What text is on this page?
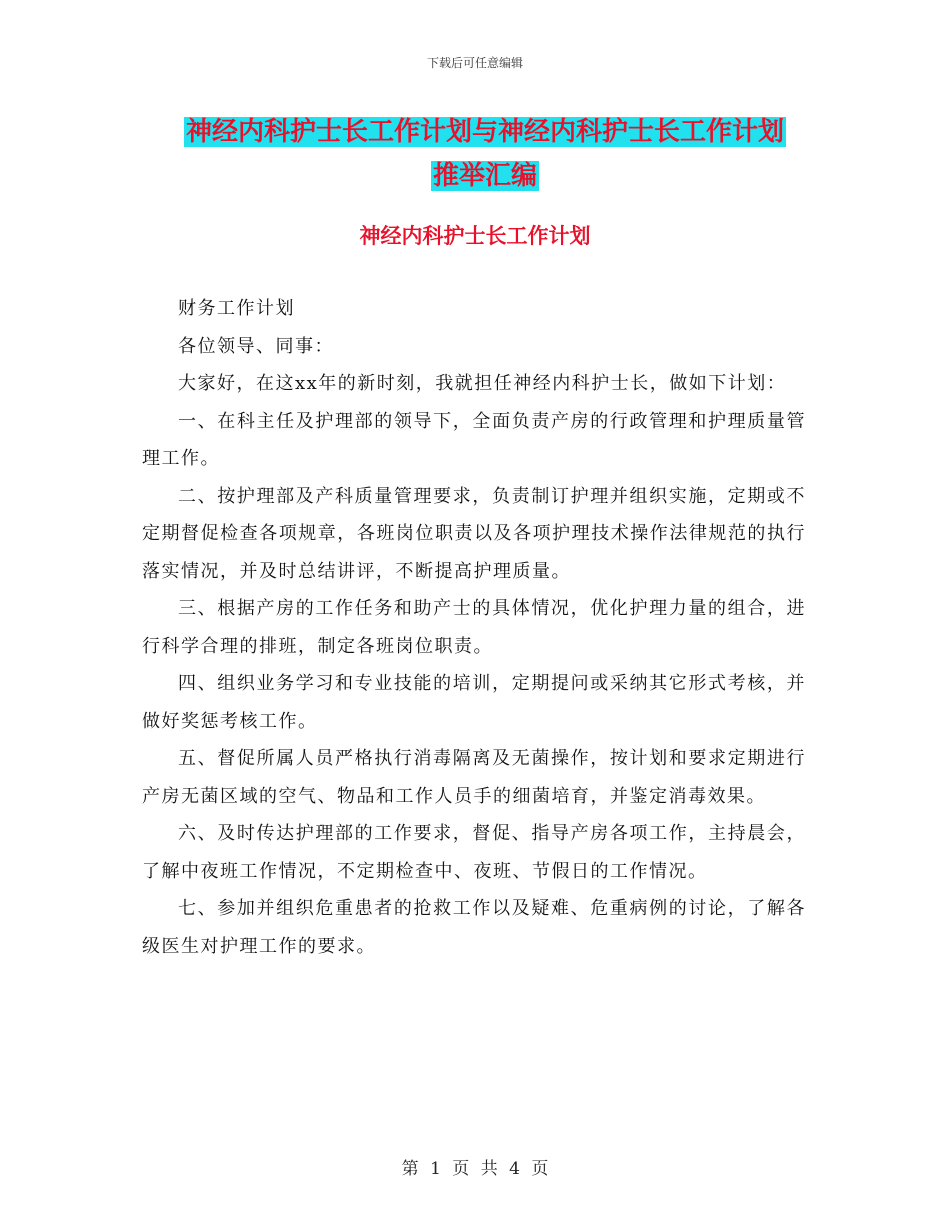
下载后可任意编辑
神经内科护士长工作计划与神经内科护士长工作计划
推举汇编
神经内科护士长工作计划

财务工作计划

各位领导、同事：

大家好，在这xx年的新时刻，我就担任神经内科护士长，做如下计划：

一、在科主任及护理部的领导下，全面负责产房的行政管理和护理质量管理工作。

二、按护理部及产科质量管理要求，负责制订护理并组织实施，定期或不定期督促检查各项规章，各班岗位职责以及各项护理技术操作法律规范的执行落实情况，并及时总结讲评，不断提高护理质量。

三、根据产房的工作任务和助产士的具体情况，优化护理力量的组合，进行科学合理的排班，制定各班岗位职责。

四、组织业务学习和专业技能的培训，定期提问或采纳其它形式考核，并做好奖惩考核工作。

五、督促所属人员严格执行消毒隔离及无菌操作，按计划和要求定期进行产房无菌区域的空气、物品和工作人员手的细菌培育，并鉴定消毒效果。

六、及时传达护理部的工作要求，督促、指导产房各项工作，主持晨会，了解中夜班工作情况，不定期检查中、夜班、节假日的工作情况。

七、参加并组织危重患者的抢救工作以及疑难、危重病例的讨论，了解各级医生对护理工作的要求。

第 1 页 共 4 页
